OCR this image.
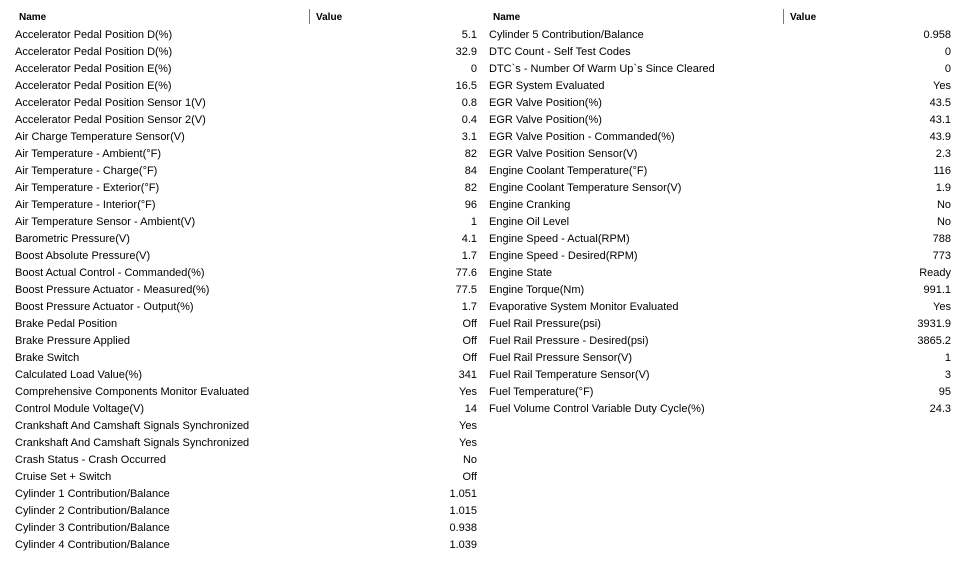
Name	Value
Accelerator Pedal Position D(%)	5.1
Accelerator Pedal Position D(%)	32.9
Accelerator Pedal Position E(%)	0
Accelerator Pedal Position E(%)	16.5
Accelerator Pedal Position Sensor 1(V)	0.8
Accelerator Pedal Position Sensor 2(V)	0.4
Air Charge Temperature Sensor(V)	3.1
Air Temperature - Ambient(°F)	82
Air Temperature - Charge(°F)	84
Air Temperature - Exterior(°F)	82
Air Temperature - Interior(°F)	96
Air Temperature Sensor - Ambient(V)	1
Barometric Pressure(V)	4.1
Boost Absolute Pressure(V)	1.7
Boost Actual Control - Commanded(%)	77.6
Boost Pressure Actuator - Measured(%)	77.5
Boost Pressure Actuator - Output(%)	1.7
Brake Pedal Position	Off
Brake Pressure Applied	Off
Brake Switch	Off
Calculated Load Value(%)	341
Comprehensive Components Monitor Evaluated	Yes
Control Module Voltage(V)	14
Crankshaft And Camshaft Signals Synchronized	Yes
Crankshaft And Camshaft Signals Synchronized	Yes
Crash Status - Crash Occurred	No
Cruise Set + Switch	Off
Cylinder 1 Contribution/Balance	1.051
Cylinder 2 Contribution/Balance	1.015
Cylinder 3 Contribution/Balance	0.938
Cylinder 4 Contribution/Balance	1.039
Name	Value
Cylinder 5 Contribution/Balance	0.958
DTC Count - Self Test Codes	0
DTC`s - Number Of Warm Up`s Since Cleared	0
EGR System Evaluated	Yes
EGR Valve Position(%)	43.5
EGR Valve Position(%)	43.1
EGR Valve Position - Commanded(%)	43.9
EGR Valve Position Sensor(V)	2.3
Engine Coolant Temperature(°F)	116
Engine Coolant Temperature Sensor(V)	1.9
Engine Cranking	No
Engine Oil Level	No
Engine Speed - Actual(RPM)	788
Engine Speed - Desired(RPM)	773
Engine State	Ready
Engine Torque(Nm)	991.1
Evaporative System Monitor Evaluated	Yes
Fuel Rail Pressure(psi)	3931.9
Fuel Rail Pressure - Desired(psi)	3865.2
Fuel Rail Pressure Sensor(V)	1
Fuel Rail Temperature Sensor(V)	3
Fuel Temperature(°F)	95
Fuel Volume Control Variable Duty Cycle(%)	24.3
